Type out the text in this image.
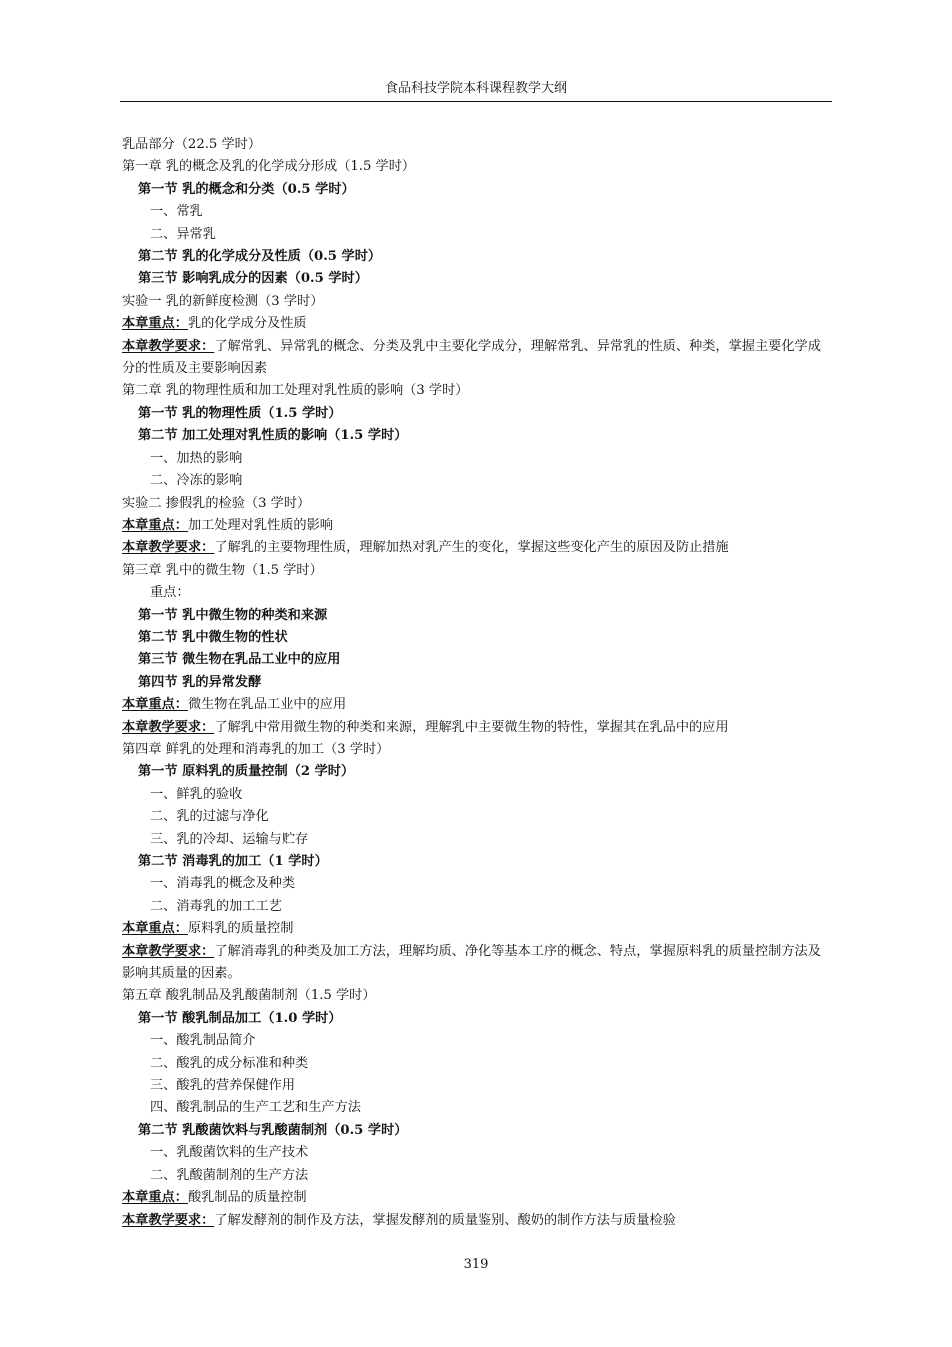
食品科技学院本科课程教学大纲
乳品部分（22.5 学时）
第一章 乳的概念及乳的化学成分形成（1.5 学时）
第一节 乳的概念和分类（0.5 学时）
一、常乳
二、异常乳
第二节 乳的化学成分及性质（0.5 学时）
第三节 影响乳成分的因素（0.5 学时）
实验一 乳的新鲜度检测（3 学时）
本章重点：乳的化学成分及性质
本章教学要求：了解常乳、异常乳的概念、分类及乳中主要化学成分，理解常乳、异常乳的性质、种类，掌握主要化学成分的性质及主要影响因素
第二章 乳的物理性质和加工处理对乳性质的影响（3 学时）
第一节 乳的物理性质（1.5 学时）
第二节 加工处理对乳性质的影响（1.5 学时）
一、加热的影响
二、冷冻的影响
实验二 掺假乳的检验（3 学时）
本章重点：加工处理对乳性质的影响
本章教学要求：了解乳的主要物理性质，理解加热对乳产生的变化，掌握这些变化产生的原因及防止措施
第三章 乳中的微生物（1.5 学时）
重点：
第一节 乳中微生物的种类和来源
第二节 乳中微生物的性状
第三节 微生物在乳品工业中的应用
第四节 乳的异常发酵
本章重点：微生物在乳品工业中的应用
本章教学要求：了解乳中常用微生物的种类和来源，理解乳中主要微生物的特性，掌握其在乳品中的应用
第四章 鲜乳的处理和消毒乳的加工（3 学时）
第一节 原料乳的质量控制（2 学时）
一、鲜乳的验收
二、乳的过滤与净化
三、乳的冷却、运输与贮存
第二节 消毒乳的加工（1 学时）
一、消毒乳的概念及种类
二、消毒乳的加工工艺
本章重点：原料乳的质量控制
本章教学要求：了解消毒乳的种类及加工方法，理解均质、净化等基本工序的概念、特点，掌握原料乳的质量控制方法及影响其质量的因素。
第五章 酸乳制品及乳酸菌制剂（1.5 学时）
第一节 酸乳制品加工（1.0 学时）
一、酸乳制品简介
二、酸乳的成分标准和种类
三、酸乳的营养保健作用
四、酸乳制品的生产工艺和生产方法
第二节 乳酸菌饮料与乳酸菌制剂（0.5 学时）
一、乳酸菌饮料的生产技术
二、乳酸菌制剂的生产方法
本章重点：酸乳制品的质量控制
本章教学要求：了解发酵剂的制作及方法，掌握发酵剂的质量鉴别、酸奶的制作方法与质量检验
319
